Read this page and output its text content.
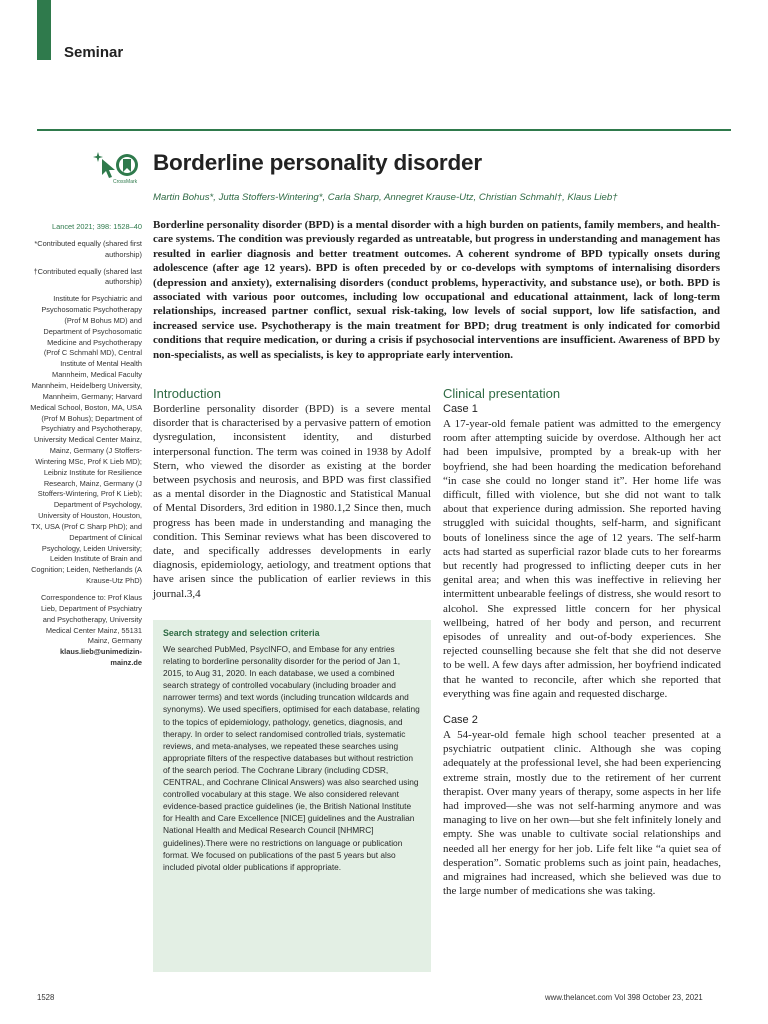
Seminar
CrossMark
Borderline personality disorder
Martin Bohus*, Jutta Stoffers-Wintering*, Carla Sharp, Annegret Krause-Utz, Christian Schmahl†, Klaus Lieb†

Lancet 2021; 398: 1528–40

*Contributed equally (shared first authorship)

†Contributed equally (shared last authorship)

Institute for Psychiatric and Psychosomatic Psychotherapy (Prof M Bohus MD) and Department of Psychosomatic Medicine and Psychotherapy (Prof C Schmahl MD), Central Institute of Mental Health Mannheim, Medical Faculty Mannheim, Heidelberg University, Mannheim, Germany; Harvard Medical School, Boston, MA, USA (Prof M Bohus); Department of Psychiatry and Psychotherapy, University Medical Center Mainz, Mainz, Germany (J Stoffers-Wintering MSc, Prof K Lieb MD); Leibniz Institute for Resilience Research, Mainz, Germany (J Stoffers-Wintering, Prof K Lieb); Department of Psychology, University of Houston, Houston, TX, USA (Prof C Sharp PhD); and Department of Clinical Psychology, Leiden University; Leiden Institute of Brain and Cognition; Leiden, Netherlands (A Krause-Utz PhD)

Correspondence to: Prof Klaus Lieb, Department of Psychiatry and Psychotherapy, University Medical Center Mainz, 55131 Mainz, Germany

klaus.lieb@unimedizin-mainz.de

Borderline personality disorder (BPD) is a mental disorder with a high burden on patients, family members, and health-care systems. The condition was previously regarded as untreatable, but progress in understanding and management has resulted in earlier diagnosis and better treatment outcomes. A coherent syndrome of BPD typically onsets during adolescence (after age 12 years). BPD is often preceded by or co-develops with symptoms of internalising disorders (depression and anxiety), externalising disorders (conduct problems, hyperactivity, and substance use), or both. BPD is associated with various poor outcomes, including low occupational and educational attainment, lack of long-term relationships, increased partner conflict, sexual risk-taking, low levels of social support, low life satisfaction, and increased service use. Psychotherapy is the main treatment for BPD; drug treatment is only indicated for comorbid conditions that require medication, or during a crisis if psychosocial interventions are insufficient. Awareness of BPD by non-specialists, as well as specialists, is key to appropriate early intervention.

Introduction

Borderline personality disorder (BPD) is a severe mental disorder that is characterised by a pervasive pattern of emotion dysregulation, inconsistent identity, and disturbed interpersonal function. The term was coined in 1938 by Adolf Stern, who viewed the disorder as existing at the border between psychosis and neurosis, and BPD was first classified as a mental disorder in the Diagnostic and Statistical Manual of Mental Disorders, 3rd edition in 1980.1,2 Since then, much progress has been made in understanding and managing the condition. This Seminar reviews what has been discovered to date, and specifically addresses developments in early diagnosis, epidemiology, aetiology, and treatment options that have arisen since the publication of earlier reviews in this journal.3,4

Search strategy and selection criteria

We searched PubMed, PsycINFO, and Embase for any entries relating to borderline personality disorder for the period of Jan 1, 2015, to Aug 31, 2020. In each database, we used a combined search strategy of controlled vocabulary (including broader and narrower terms) and text words (including truncation wildcards and synonyms). We used specifiers, optimised for each database, relating to the topics of epidemiology, pathology, genetics, diagnosis, and therapy. In order to select randomised controlled trials, systematic reviews, and meta-analyses, we repeated these searches using appropriate filters of the respective databases but without restriction of the search period. The Cochrane Library (including CDSR, CENTRAL, and Cochrane Clinical Answers) was also searched using controlled vocabulary at this stage. We also considered relevant evidence-based practice guidelines (ie, the British National Institute for Health and Care Excellence [NICE] guidelines and the Australian National Health and Medical Research Council [NHMRC] guidelines).There were no restrictions on language or publication format. We focused on publications of the past 5 years but also included pivotal older publications if appropriate.

Clinical presentation

Case 1

A 17-year-old female patient was admitted to the emergency room after attempting suicide by overdose. Although her act had been impulsive, prompted by a break-up with her boyfriend, she had been hoarding the medication beforehand “in case she could no longer stand it”. Her home life was difficult, filled with violence, but she did not want to talk about that experience during admission. She reported having struggled with suicidal thoughts, self-harm, and significant bouts of loneliness since the age of 12 years. The self-harm acts had started as superficial razor blade cuts to her forearms but recently had progressed to inflicting deeper cuts in her genital area; and when this was ineffective in relieving her intermittent unbearable feelings of distress, she would resort to alcohol. She expressed little concern for her physical wellbeing, hatred of her body and person, and recurrent episodes of unreality and out-of-body experiences. She rejected counselling because she felt that she did not deserve to be well. A few days after admission, her boyfriend indicated that he wanted to reconcile, after which she reported that everything was fine again and requested discharge.

Case 2

A 54-year-old female high school teacher presented at a psychiatric outpatient clinic. Although she was coping adequately at the professional level, she had been experiencing extreme strain, mostly due to the retirement of her current therapist. Over many years of therapy, some aspects in her life had improved—she was not self-harming anymore and was managing to live on her own—but she felt infinitely lonely and empty. She was unable to cultivate social relationships and needed all her energy for her job. Life felt like “a quiet sea of desperation”. Somatic problems such as joint pain, headaches, and migraines had increased, which she believed was due to the large number of medications she was taking.

1528	www.thelancet.com Vol 398 October 23, 2021
